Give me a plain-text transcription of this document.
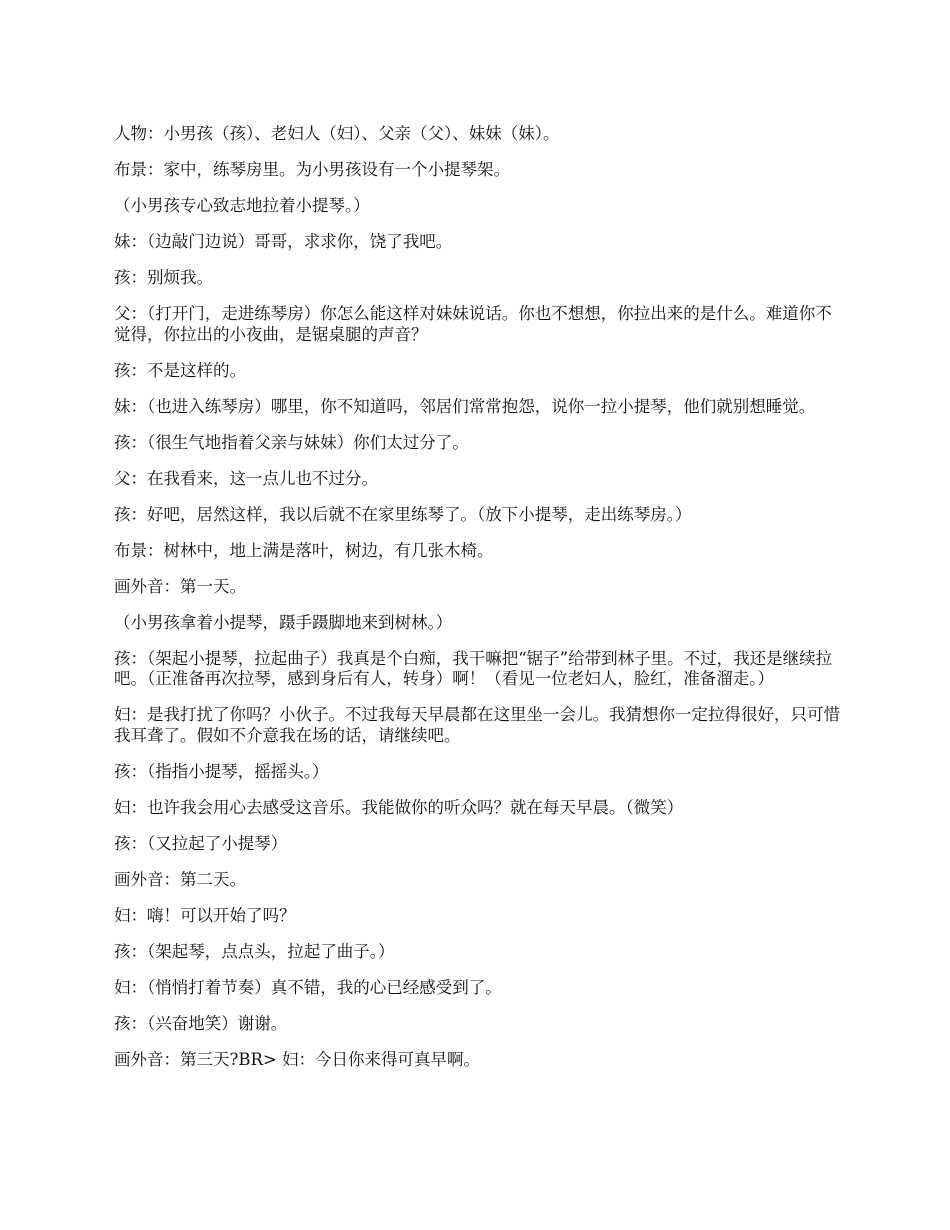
人物：小男孩（孩）、老妇人（妇）、父亲（父）、妹妹（妹）。

布景：家中，练琴房里。为小男孩设有一个小提琴架。

（小男孩专心致志地拉着小提琴。）

妹：（边敲门边说）哥哥，求求你，饶了我吧。

孩：别烦我。

父：（打开门，走进练琴房）你怎么能这样对妹妹说话。你也不想想，你拉出来的是什么。难道你不觉得，你拉出的小夜曲，是锯桌腿的声音？

孩：不是这样的。

妹：（也进入练琴房）哪里，你不知道吗，邻居们常常抱怨，说你一拉小提琴，他们就别想睡觉。

孩：（很生气地指着父亲与妹妹）你们太过分了。

父：在我看来，这一点儿也不过分。

孩：好吧，居然这样，我以后就不在家里练琴了。（放下小提琴，走出练琴房。）

布景：树林中，地上满是落叶，树边，有几张木椅。

画外音：第一天。

（小男孩拿着小提琴，蹑手蹑脚地来到树林。）

孩：（架起小提琴，拉起曲子）我真是个白痴，我干嘛把“锯子”给带到林子里。不过，我还是继续拉吧。（正准备再次拉琴，感到身后有人，转身）啊！（看见一位老妇人，脸红，准备溜走。）

妇：是我打扰了你吗？小伙子。不过我每天早晨都在这里坐一会儿。我猜想你一定拉得很好，只可惜我耳聋了。假如不介意我在场的话，请继续吧。

孩：（指指小提琴，摇摇头。）

妇：也许我会用心去感受这音乐。我能做你的听众吗？就在每天早晨。（微笑）

孩：（又拉起了小提琴）

画外音：第二天。

妇：嗨！可以开始了吗？

孩：（架起琴，点点头，拉起了曲子。）

妇：（悄悄打着节奏）真不错，我的心已经感受到了。

孩：（兴奋地笑）谢谢。

画外音：第三天?BR> 妇：今日你来得可真早啊。
